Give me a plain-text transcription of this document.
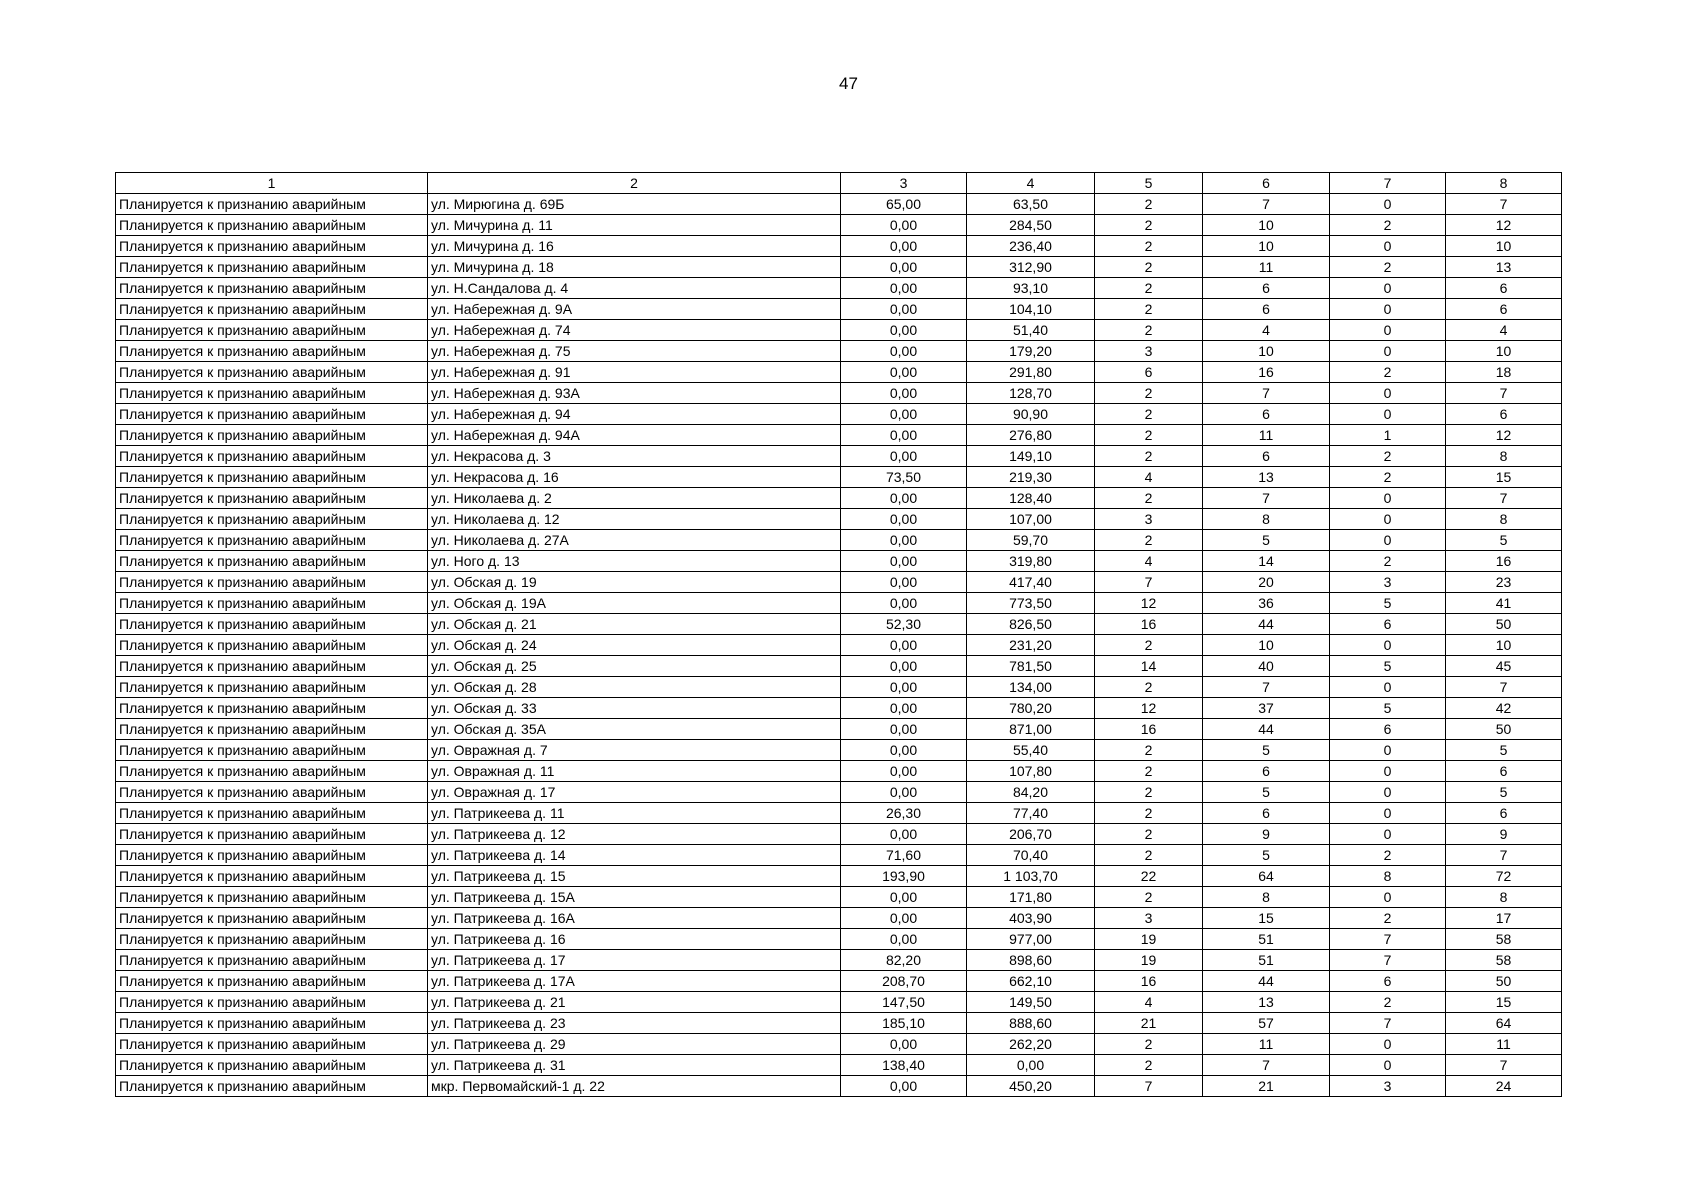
47
1	2	3	4	5	6	7	8
Планируется к признанию аварийным	ул. Мирюгина д. 69Б	65,00	63,50	2	7	0	7
Планируется к признанию аварийным	ул. Мичурина д. 11	0,00	284,50	2	10	2	12
Планируется к признанию аварийным	ул. Мичурина д. 16	0,00	236,40	2	10	0	10
Планируется к признанию аварийным	ул. Мичурина д. 18	0,00	312,90	2	11	2	13
Планируется к признанию аварийным	ул. Н.Сандалова д. 4	0,00	93,10	2	6	0	6
Планируется к признанию аварийным	ул. Набережная д. 9А	0,00	104,10	2	6	0	6
Планируется к признанию аварийным	ул. Набережная д. 74	0,00	51,40	2	4	0	4
Планируется к признанию аварийным	ул. Набережная д. 75	0,00	179,20	3	10	0	10
Планируется к признанию аварийным	ул. Набережная д. 91	0,00	291,80	6	16	2	18
Планируется к признанию аварийным	ул. Набережная д. 93А	0,00	128,70	2	7	0	7
Планируется к признанию аварийным	ул. Набережная д. 94	0,00	90,90	2	6	0	6
Планируется к признанию аварийным	ул. Набережная д. 94А	0,00	276,80	2	11	1	12
Планируется к признанию аварийным	ул. Некрасова д. 3	0,00	149,10	2	6	2	8
Планируется к признанию аварийным	ул. Некрасова д. 16	73,50	219,30	4	13	2	15
Планируется к признанию аварийным	ул. Николаева д. 2	0,00	128,40	2	7	0	7
Планируется к признанию аварийным	ул. Николаева д. 12	0,00	107,00	3	8	0	8
Планируется к признанию аварийным	ул. Николаева д. 27А	0,00	59,70	2	5	0	5
Планируется к признанию аварийным	ул. Ного д. 13	0,00	319,80	4	14	2	16
Планируется к признанию аварийным	ул. Обская д. 19	0,00	417,40	7	20	3	23
Планируется к признанию аварийным	ул. Обская д. 19А	0,00	773,50	12	36	5	41
Планируется к признанию аварийным	ул. Обская д. 21	52,30	826,50	16	44	6	50
Планируется к признанию аварийным	ул. Обская д. 24	0,00	231,20	2	10	0	10
Планируется к признанию аварийным	ул. Обская д. 25	0,00	781,50	14	40	5	45
Планируется к признанию аварийным	ул. Обская д. 28	0,00	134,00	2	7	0	7
Планируется к признанию аварийным	ул. Обская д. 33	0,00	780,20	12	37	5	42
Планируется к признанию аварийным	ул. Обская д. 35А	0,00	871,00	16	44	6	50
Планируется к признанию аварийным	ул. Овражная д. 7	0,00	55,40	2	5	0	5
Планируется к признанию аварийным	ул. Овражная д. 11	0,00	107,80	2	6	0	6
Планируется к признанию аварийным	ул. Овражная д. 17	0,00	84,20	2	5	0	5
Планируется к признанию аварийным	ул. Патрикеева д. 11	26,30	77,40	2	6	0	6
Планируется к признанию аварийным	ул. Патрикеева д. 12	0,00	206,70	2	9	0	9
Планируется к признанию аварийным	ул. Патрикеева д. 14	71,60	70,40	2	5	2	7
Планируется к признанию аварийным	ул. Патрикеева д. 15	193,90	1 103,70	22	64	8	72
Планируется к признанию аварийным	ул. Патрикеева д. 15А	0,00	171,80	2	8	0	8
Планируется к признанию аварийным	ул. Патрикеева д. 16А	0,00	403,90	3	15	2	17
Планируется к признанию аварийным	ул. Патрикеева д. 16	0,00	977,00	19	51	7	58
Планируется к признанию аварийным	ул. Патрикеева д. 17	82,20	898,60	19	51	7	58
Планируется к признанию аварийным	ул. Патрикеева д. 17А	208,70	662,10	16	44	6	50
Планируется к признанию аварийным	ул. Патрикеева д. 21	147,50	149,50	4	13	2	15
Планируется к признанию аварийным	ул. Патрикеева д. 23	185,10	888,60	21	57	7	64
Планируется к признанию аварийным	ул. Патрикеева д. 29	0,00	262,20	2	11	0	11
Планируется к признанию аварийным	ул. Патрикеева д. 31	138,40	0,00	2	7	0	7
Планируется к признанию аварийным	мкр. Первомайский-1 д. 22	0,00	450,20	7	21	3	24
